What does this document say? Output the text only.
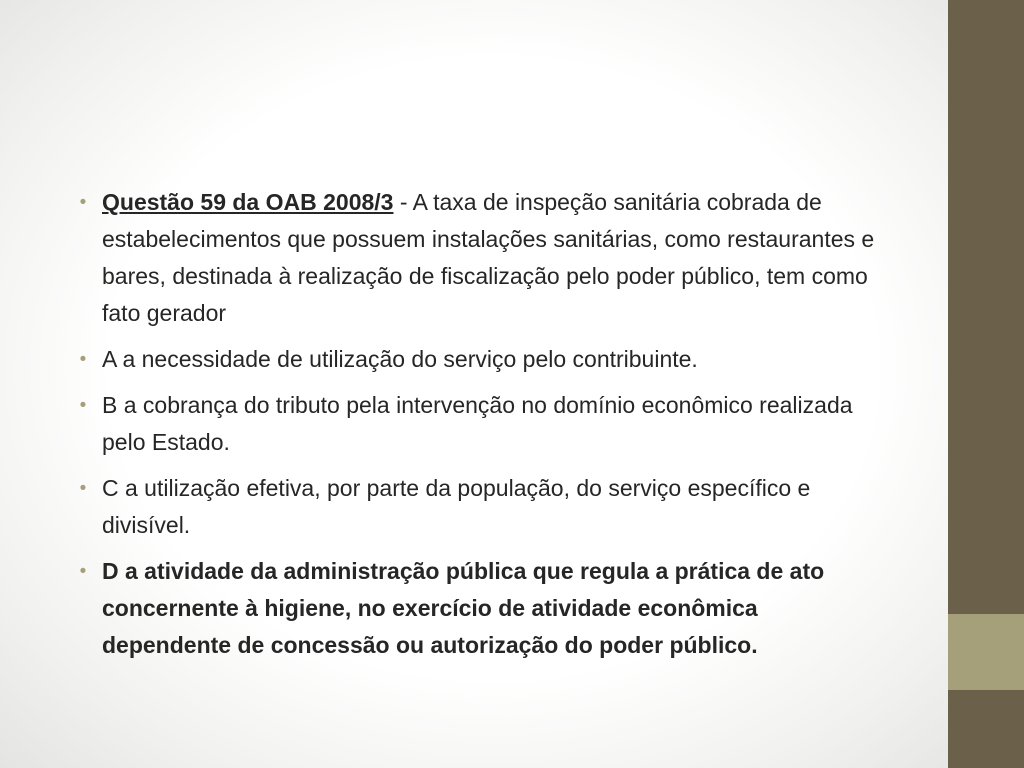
• Questão 59 da OAB 2008/3 - A taxa de inspeção sanitária cobrada de estabelecimentos que possuem instalações sanitárias, como restaurantes e bares, destinada à realização de fiscalização pelo poder público, tem como fato gerador
• A a necessidade de utilização do serviço pelo contribuinte.
• B a cobrança do tributo pela intervenção no domínio econômico realizada pelo Estado.
• C a utilização efetiva, por parte da população, do serviço específico e divisível.
• D a atividade da administração pública que regula a prática de ato concernente à higiene, no exercício de atividade econômica dependente de concessão ou autorização do poder público.
